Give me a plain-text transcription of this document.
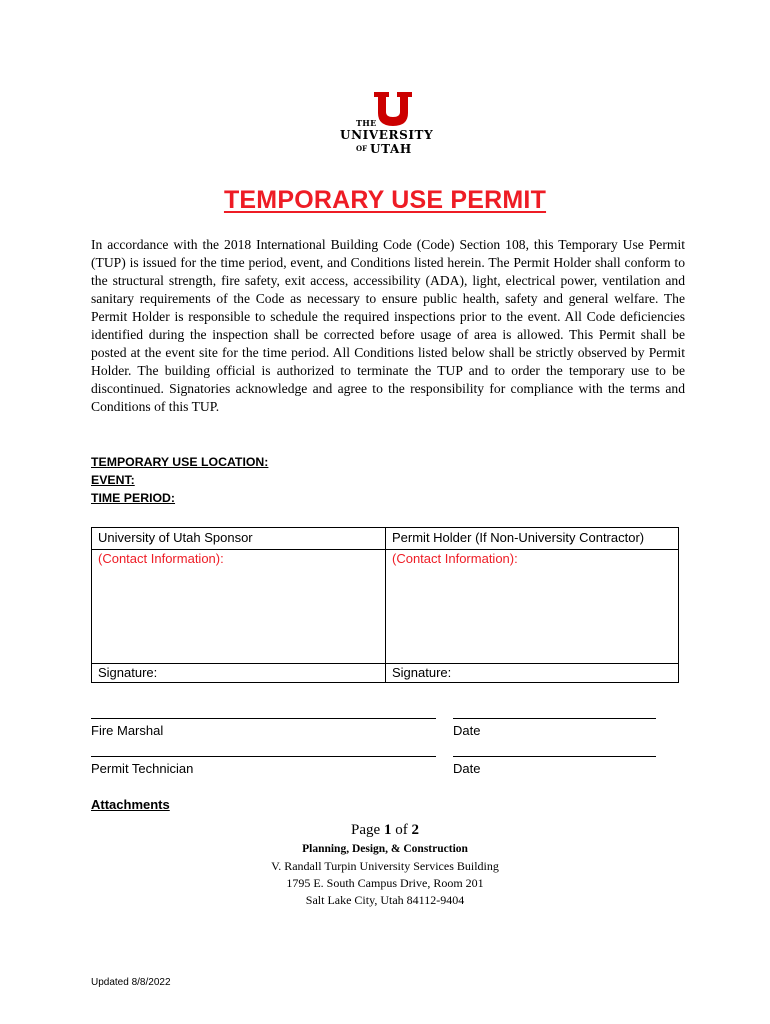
THE
UNIVERSITY
OF UTAH
TEMPORARY USE PERMIT
In accordance with the 2018 International Building Code (Code) Section 108, this Temporary Use Permit (TUP) is issued for the time period, event, and Conditions listed herein. The Permit Holder shall conform to the structural strength, fire safety, exit access, accessibility (ADA), light, electrical power, ventilation and sanitary requirements of the Code as necessary to ensure public health, safety and general welfare. The Permit Holder is responsible to schedule the required inspections prior to the event. All Code deficiencies identified during the inspection shall be corrected before usage of area is allowed. This Permit shall be posted at the event site for the time period. All Conditions listed below shall be strictly observed by Permit Holder. The building official is authorized to terminate the TUP and to order the temporary use to be discontinued. Signatories acknowledge and agree to the responsibility for compliance with the terms and Conditions of this TUP.
TEMPORARY USE LOCATION:
EVENT:
TIME PERIOD:
University of Utah Sponsor
(Contact Information):
Signature:
Permit Holder (If Non-University Contractor)
(Contact Information):
Signature:
Fire Marshal	Date
Permit Technician	Date
Attachments
Page 1 of 2
Planning, Design, & Construction
V. Randall Turpin University Services Building
1795 E. South Campus Drive, Room 201
Salt Lake City, Utah 84112-9404
Updated 8/8/2022
